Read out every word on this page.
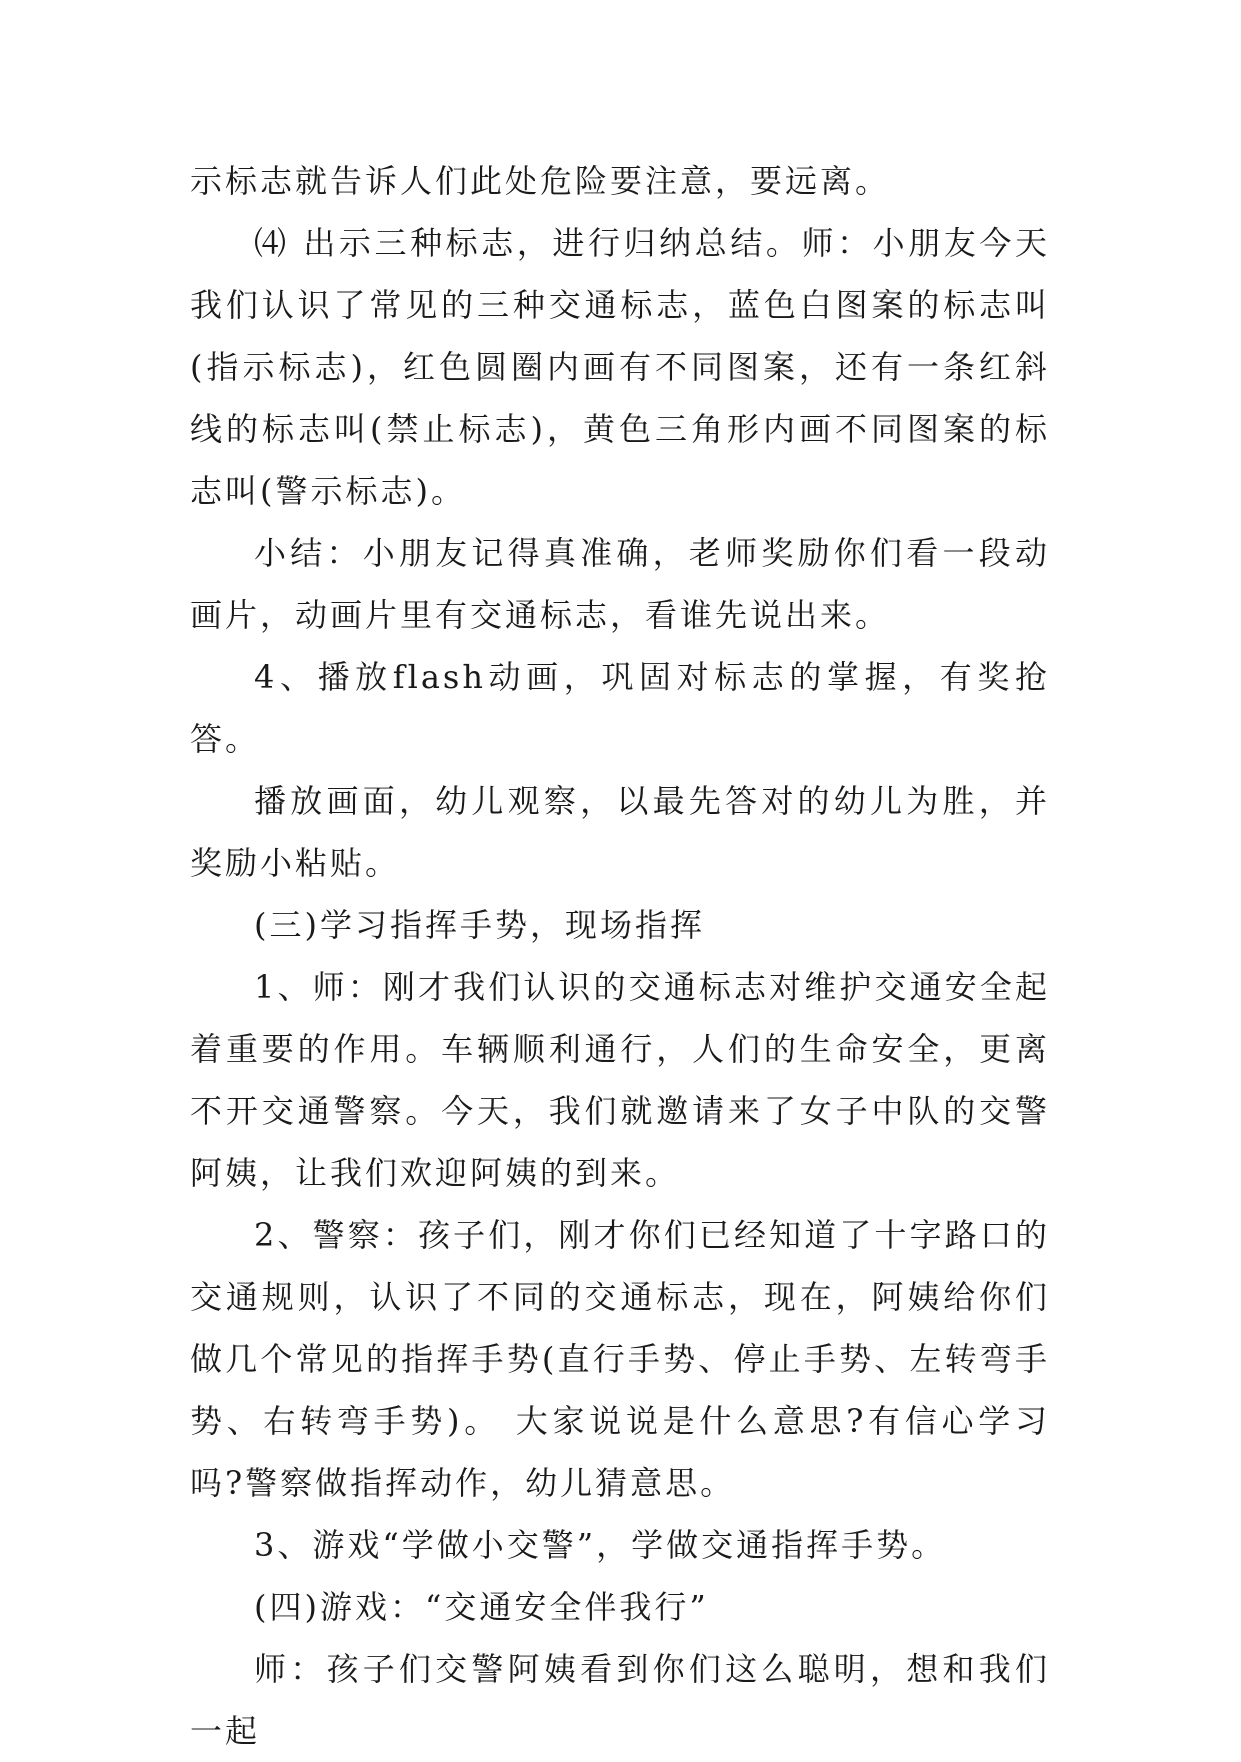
示标志就告诉人们此处危险要注意，要远离。

⑷ 出示三种标志，进行归纳总结。师：小朋友今天我们认识了常见的三种交通标志，蓝色白图案的标志叫(指示标志)，红色圆圈内画有不同图案，还有一条红斜线的标志叫(禁止标志)，黄色三角形内画不同图案的标志叫(警示标志)。

小结：小朋友记得真准确，老师奖励你们看一段动画片，动画片里有交通标志，看谁先说出来。

4、播放flash动画，巩固对标志的掌握，有奖抢答。

播放画面，幼儿观察，以最先答对的幼儿为胜，并奖励小粘贴。

(三)学习指挥手势，现场指挥

1、师：刚才我们认识的交通标志对维护交通安全起着重要的作用。车辆顺利通行，人们的生命安全，更离不开交通警察。今天，我们就邀请来了女子中队的交警阿姨，让我们欢迎阿姨的到来。

2、警察：孩子们，刚才你们已经知道了十字路口的交通规则，认识了不同的交通标志，现在，阿姨给你们做几个常见的指挥手势(直行手势、停止手势、左转弯手势、右转弯手势)。 大家说说是什么意思?有信心学习吗?警察做指挥动作，幼儿猜意思。

3、游戏“学做小交警”，学做交通指挥手势。

(四)游戏：“交通安全伴我行”

师：孩子们交警阿姨看到你们这么聪明，想和我们一起
